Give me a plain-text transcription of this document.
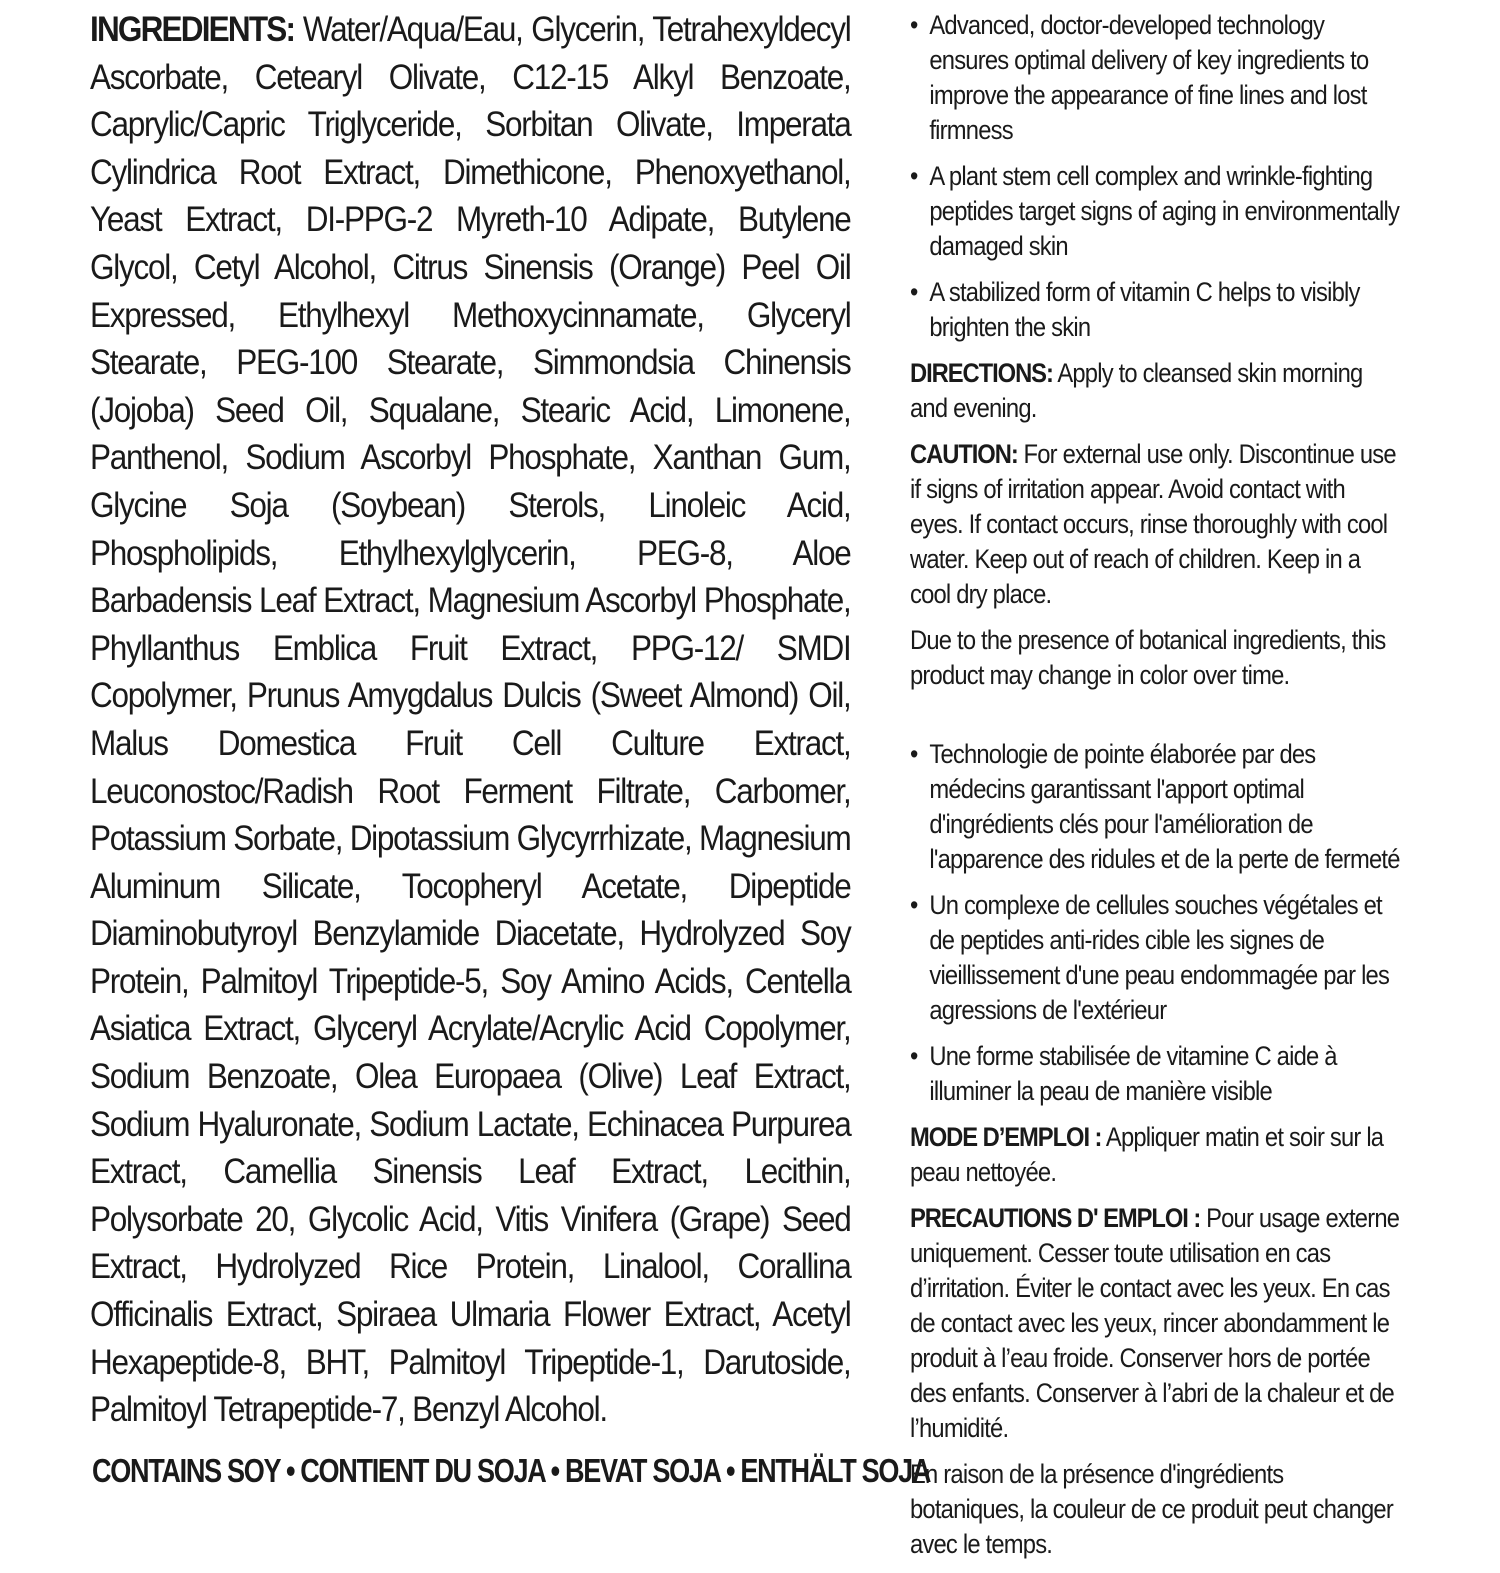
INGREDIENTS: Water/Aqua/Eau, Glycerin, Tetrahexyldecyl Ascorbate, Cetearyl Olivate, C12-15 Alkyl Benzoate, Caprylic/Capric Triglyceride, Sorbitan Olivate, Imperata Cylindrica Root Extract, Dimethicone, Phenoxyethanol, Yeast Extract, DI-PPG-2 Myreth-10 Adipate, Butylene Glycol, Cetyl Alcohol, Citrus Sinensis (Orange) Peel Oil Expressed, Ethylhexyl Methoxycinnamate, Glyceryl Stearate, PEG-100 Stearate, Simmondsia Chinensis (Jojoba) Seed Oil, Squalane, Stearic Acid, Limonene, Panthenol, Sodium Ascorbyl Phosphate, Xanthan Gum, Glycine Soja (Soybean) Sterols, Linoleic Acid, Phospholipids, Ethylhexylglycerin, PEG-8, Aloe Barbadensis Leaf Extract, Magnesium Ascorbyl Phosphate, Phyllanthus Emblica Fruit Extract, PPG-12/ SMDI Copolymer, Prunus Amygdalus Dulcis (Sweet Almond) Oil, Malus Domestica Fruit Cell Culture Extract, Leuconostoc/Radish Root Ferment Filtrate, Carbomer, Potassium Sorbate, Dipotassium Glycyrrhizate, Magnesium Aluminum Silicate, Tocopheryl Acetate, Dipeptide Diaminobutyroyl Benzylamide Diacetate, Hydrolyzed Soy Protein, Palmitoyl Tripeptide-5, Soy Amino Acids, Centella Asiatica Extract, Glyceryl Acrylate/Acrylic Acid Copolymer, Sodium Benzoate, Olea Europaea (Olive) Leaf Extract, Sodium Hyaluronate, Sodium Lactate, Echinacea Purpurea Extract, Camellia Sinensis Leaf Extract, Lecithin, Polysorbate 20, Glycolic Acid, Vitis Vinifera (Grape) Seed Extract, Hydrolyzed Rice Protein, Linalool, Corallina Officinalis Extract, Spiraea Ulmaria Flower Extract, Acetyl Hexapeptide-8, BHT, Palmitoyl Tripeptide-1, Darutoside, Palmitoyl Tetrapeptide-7, Benzyl Alcohol.
CONTAINS SOY • CONTIENT DU SOJA • BEVAT SOJA • ENTHÄLT SOJA
• Advanced, doctor-developed technology ensures optimal delivery of key ingredients to improve the appearance of fine lines and lost firmness
• A plant stem cell complex and wrinkle-fighting peptides target signs of aging in environmentally damaged skin
• A stabilized form of vitamin C helps to visibly brighten the skin
DIRECTIONS: Apply to cleansed skin morning and evening.
CAUTION: For external use only. Discontinue use if signs of irritation appear. Avoid contact with eyes. If contact occurs, rinse thoroughly with cool water. Keep out of reach of children. Keep in a cool dry place.
Due to the presence of botanical ingredients, this product may change in color over time.
• Technologie de pointe élaborée par des médecins garantissant l'apport optimal d'ingrédients clés pour l'amélioration de l'apparence des ridules et de la perte de fermeté
• Un complexe de cellules souches végétales et de peptides anti-rides cible les signes de vieillissement d'une peau endommagée par les agressions de l'extérieur
• Une forme stabilisée de vitamine C aide à illuminer la peau de manière visible
MODE D’EMPLOI : Appliquer matin et soir sur la peau nettoyée.
PRECAUTIONS D' EMPLOI : Pour usage externe uniquement. Cesser toute utilisation en cas d’irritation. Éviter le contact avec les yeux. En cas de contact avec les yeux, rincer abondamment le produit à l’eau froide. Conserver hors de portée des enfants. Conserver à l’abri de la chaleur et de l’humidité.
En raison de la présence d'ingrédients botaniques, la couleur de ce produit peut changer avec le temps.
